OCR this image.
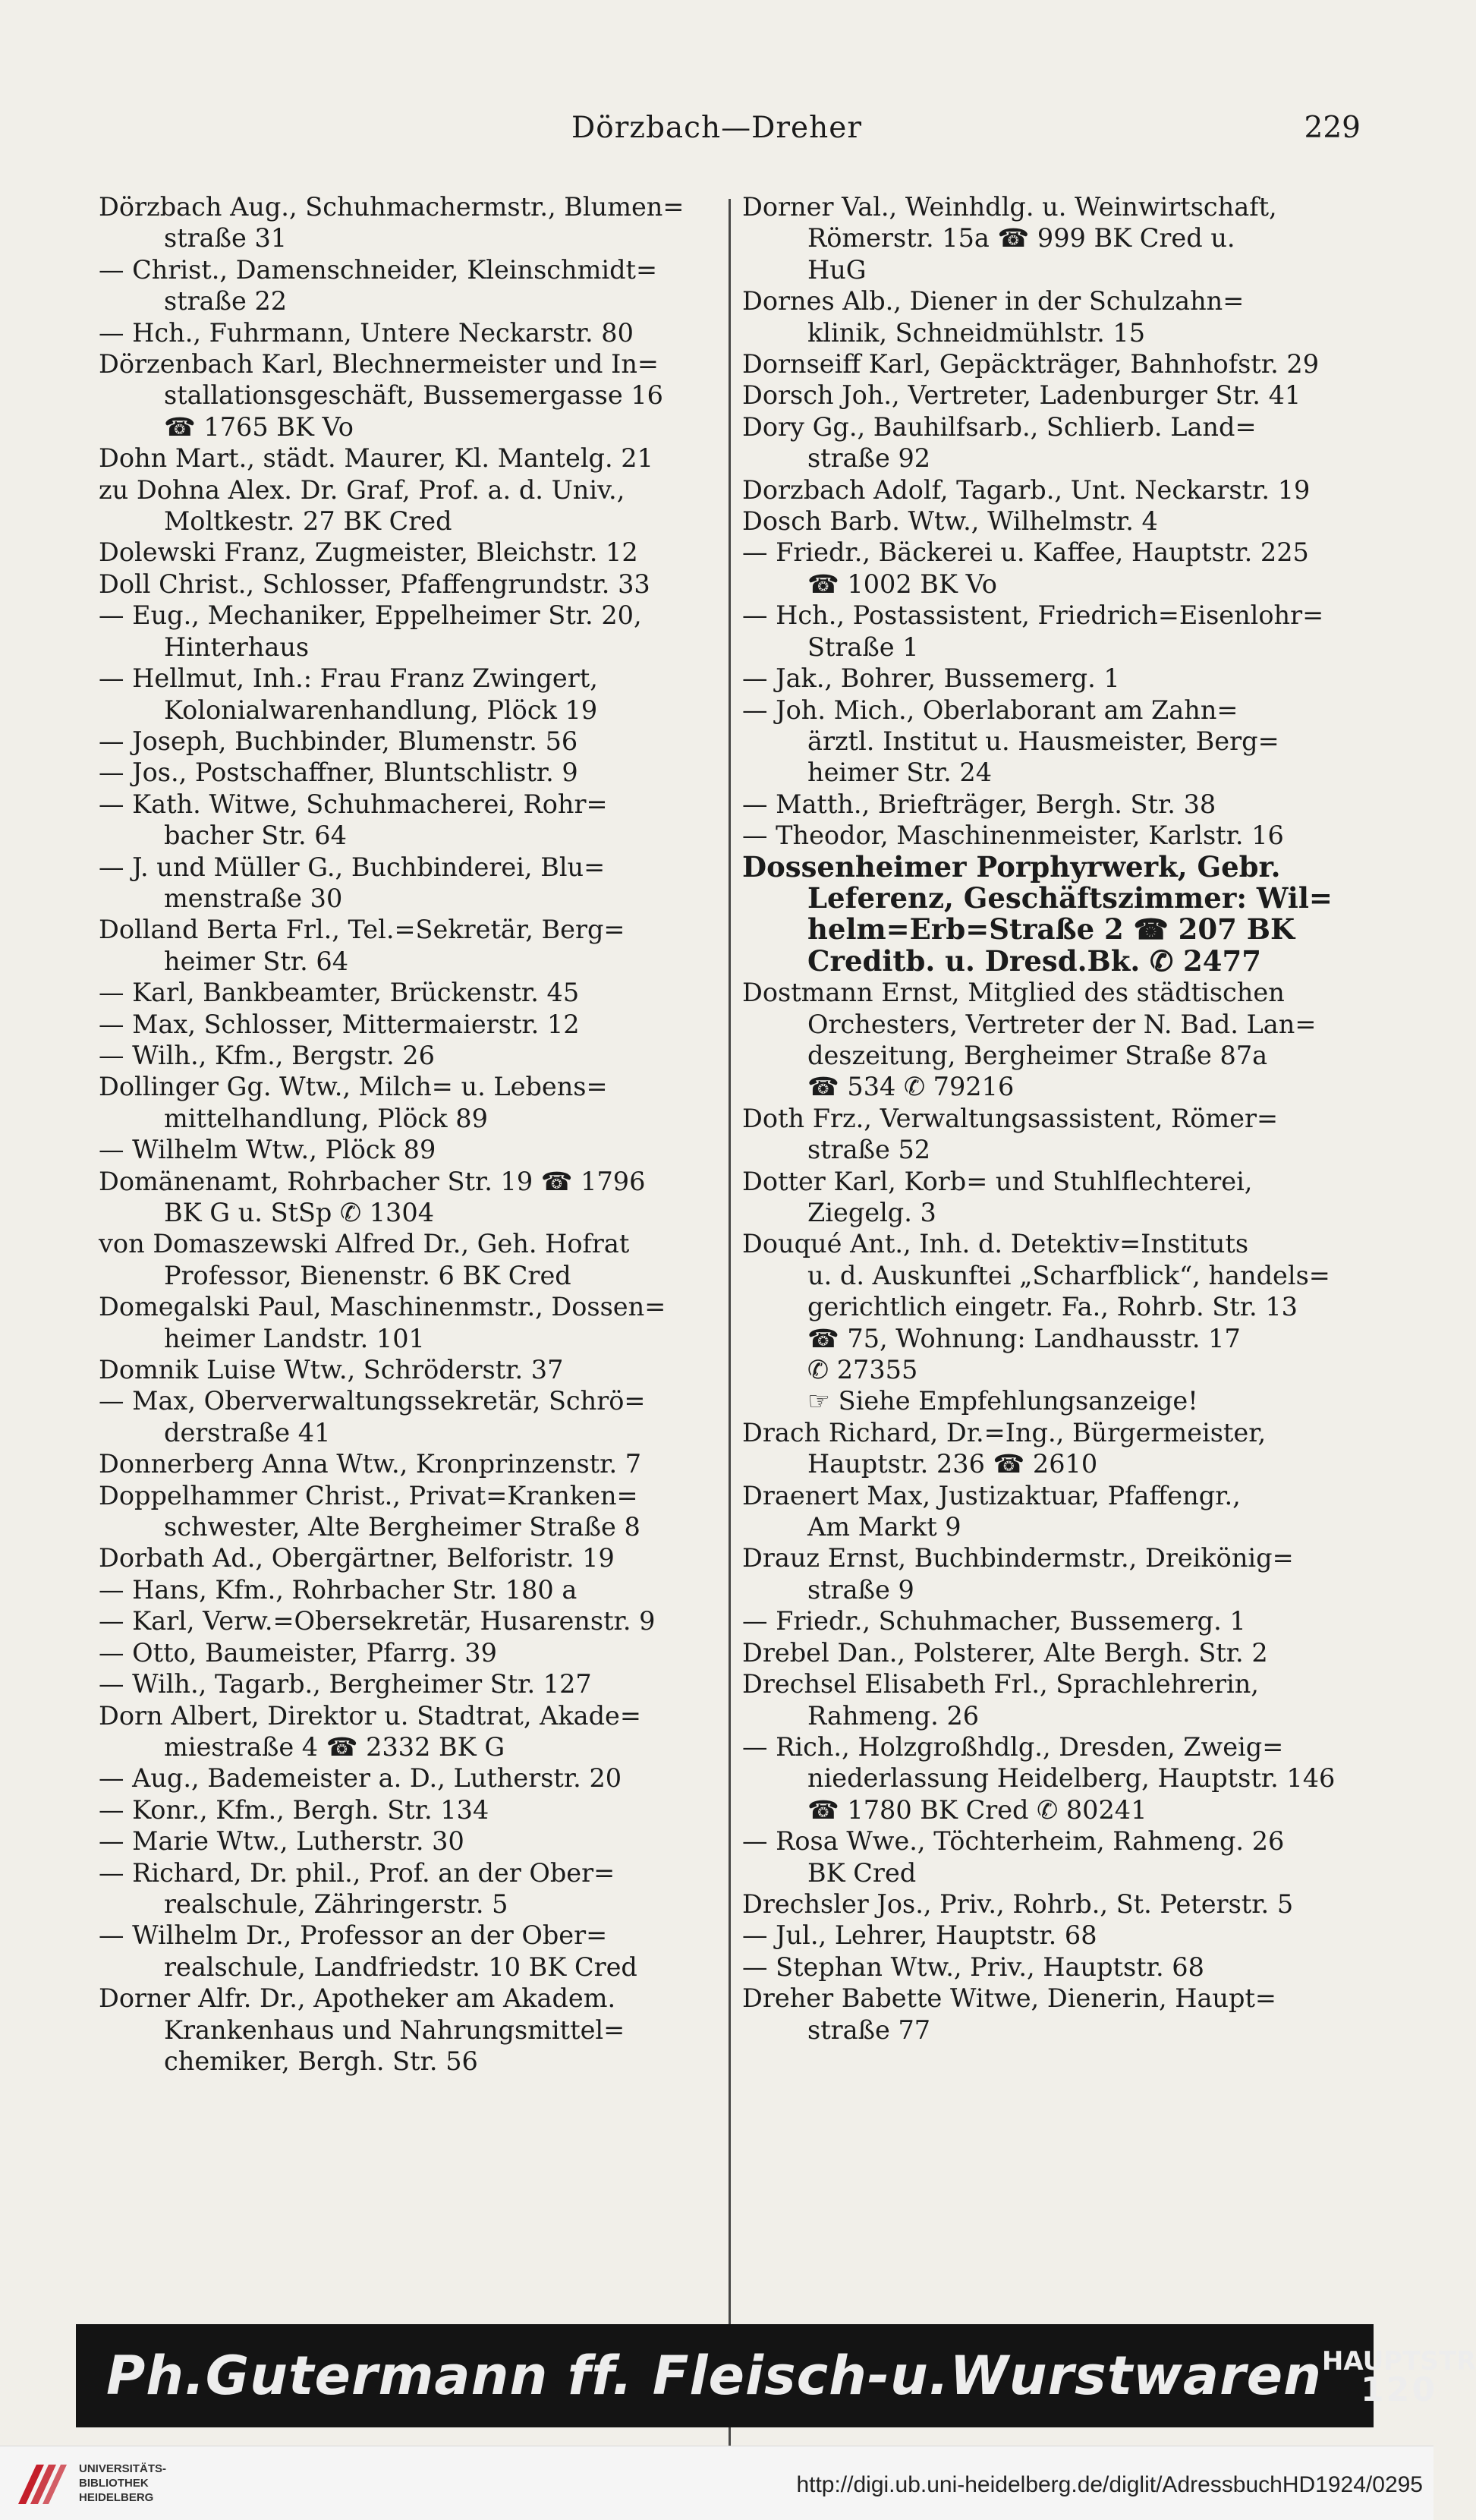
Dörzbach—Dreher	229
Dörzbach Aug., Schuhmachermstr., Blumen=
straße 31
— Christ., Damenschneider, Kleinschmidt=
straße 22
— Hch., Fuhrmann, Untere Neckarstr. 80
Dörzenbach Karl, Blechnermeister und In=
stallationsgeschäft, Bussemergasse 16
☎ 1765 BK Vo
Dohn Mart., städt. Maurer, Kl. Mantelg. 21
zu Dohna Alex. Dr. Graf, Prof. a. d. Univ.,
Moltkestr. 27 BK Cred
Dolewski Franz, Zugmeister, Bleichstr. 12
Doll Christ., Schlosser, Pfaffengrundstr. 33
— Eug., Mechaniker, Eppelheimer Str. 20,
Hinterhaus
— Hellmut, Inh.: Frau Franz Zwingert,
Kolonialwarenhandlung, Plöck 19
— Joseph, Buchbinder, Blumenstr. 56
— Jos., Postschaffner, Bluntschlistr. 9
— Kath. Witwe, Schuhmacherei, Rohr=
bacher Str. 64
— J. und Müller G., Buchbinderei, Blu=
menstraße 30
Dolland Berta Frl., Tel.=Sekretär, Berg=
heimer Str. 64
— Karl, Bankbeamter, Brückenstr. 45
— Max, Schlosser, Mittermaierstr. 12
— Wilh., Kfm., Bergstr. 26
Dollinger Gg. Wtw., Milch= u. Lebens=
mittelhandlung, Plöck 89
— Wilhelm Wtw., Plöck 89
Domänenamt, Rohrbacher Str. 19 ☎ 1796
BK G u. StSp ✆ 1304
von Domaszewski Alfred Dr., Geh. Hofrat
Professor, Bienenstr. 6 BK Cred
Domegalski Paul, Maschinenmstr., Dossen=
heimer Landstr. 101
Domnik Luise Wtw., Schröderstr. 37
— Max, Oberverwaltungssekretär, Schrö=
derstraße 41
Donnerberg Anna Wtw., Kronprinzenstr. 7
Doppelhammer Christ., Privat=Kranken=
schwester, Alte Bergheimer Straße 8
Dorbath Ad., Obergärtner, Belforistr. 19
— Hans, Kfm., Rohrbacher Str. 180 a
— Karl, Verw.=Obersekretär, Husarenstr. 9
— Otto, Baumeister, Pfarrg. 39
— Wilh., Tagarb., Bergheimer Str. 127
Dorn Albert, Direktor u. Stadtrat, Akade=
miestraße 4 ☎ 2332 BK G
— Aug., Bademeister a. D., Lutherstr. 20
— Konr., Kfm., Bergh. Str. 134
— Marie Wtw., Lutherstr. 30
— Richard, Dr. phil., Prof. an der Ober=
realschule, Zähringerstr. 5
— Wilhelm Dr., Professor an der Ober=
realschule, Landfriedstr. 10 BK Cred
Dorner Alfr. Dr., Apotheker am Akadem.
Krankenhaus und Nahrungsmittel=
chemiker, Bergh. Str. 56
Dorner Val., Weinhdlg. u. Weinwirtschaft,
Römerstr. 15a ☎ 999 BK Cred u.
HuG
Dornes Alb., Diener in der Schulzahn=
klinik, Schneidmühlstr. 15
Dornseiff Karl, Gepäckträger, Bahnhofstr. 29
Dorsch Joh., Vertreter, Ladenburger Str. 41
Dory Gg., Bauhilfsarb., Schlierb. Land=
straße 92
Dorzbach Adolf, Tagarb., Unt. Neckarstr. 19
Dosch Barb. Wtw., Wilhelmstr. 4
— Friedr., Bäckerei u. Kaffee, Hauptstr. 225
☎ 1002 BK Vo
— Hch., Postassistent, Friedrich=Eisenlohr=
Straße 1
— Jak., Bohrer, Bussemerg. 1
— Joh. Mich., Oberlaborant am Zahn=
ärztl. Institut u. Hausmeister, Berg=
heimer Str. 24
— Matth., Briefträger, Bergh. Str. 38
— Theodor, Maschinenmeister, Karlstr. 16
Dossenheimer Porphyrwerk, Gebr.
Leferenz, Geschäftszimmer: Wil=
helm=Erb=Straße 2 ☎ 207 BK
Creditb. u. Dresd.Bk. ✆ 2477
Dostmann Ernst, Mitglied des städtischen
Orchesters, Vertreter der N. Bad. Lan=
deszeitung, Bergheimer Straße 87a
☎ 534 ✆ 79216
Doth Frz., Verwaltungsassistent, Römer=
straße 52
Dotter Karl, Korb= und Stuhlflechterei,
Ziegelg. 3
Douqué Ant., Inh. d. Detektiv=Instituts
u. d. Auskunftei „Scharfblick“, handels=
gerichtlich eingetr. Fa., Rohrb. Str. 13
☎ 75, Wohnung: Landhausstr. 17
✆ 27355
☞ Siehe Empfehlungsanzeige!
Drach Richard, Dr.=Ing., Bürgermeister,
Hauptstr. 236 ☎ 2610
Draenert Max, Justizaktuar, Pfaffengr.,
Am Markt 9
Drauz Ernst, Buchbindermstr., Dreikönig=
straße 9
— Friedr., Schuhmacher, Bussemerg. 1
Drebel Dan., Polsterer, Alte Bergh. Str. 2
Drechsel Elisabeth Frl., Sprachlehrerin,
Rahmeng. 26
— Rich., Holzgroßhdlg., Dresden, Zweig=
niederlassung Heidelberg, Hauptstr. 146
☎ 1780 BK Cred ✆ 80241
— Rosa Wwe., Töchterheim, Rahmeng. 26
BK Cred
Drechsler Jos., Priv., Rohrb., St. Peterstr. 5
— Jul., Lehrer, Hauptstr. 68
— Stephan Wtw., Priv., Hauptstr. 68
Dreher Babette Witwe, Dienerin, Haupt=
straße 77
Ph.Gutermann ff. Fleisch-u.Wurstwaren HAUPTSTR
120
UNIVERSITÄTS-
BIBLIOTHEK
HEIDELBERG
http://digi.ub.uni-heidelberg.de/diglit/AdressbuchHD1924/0295
